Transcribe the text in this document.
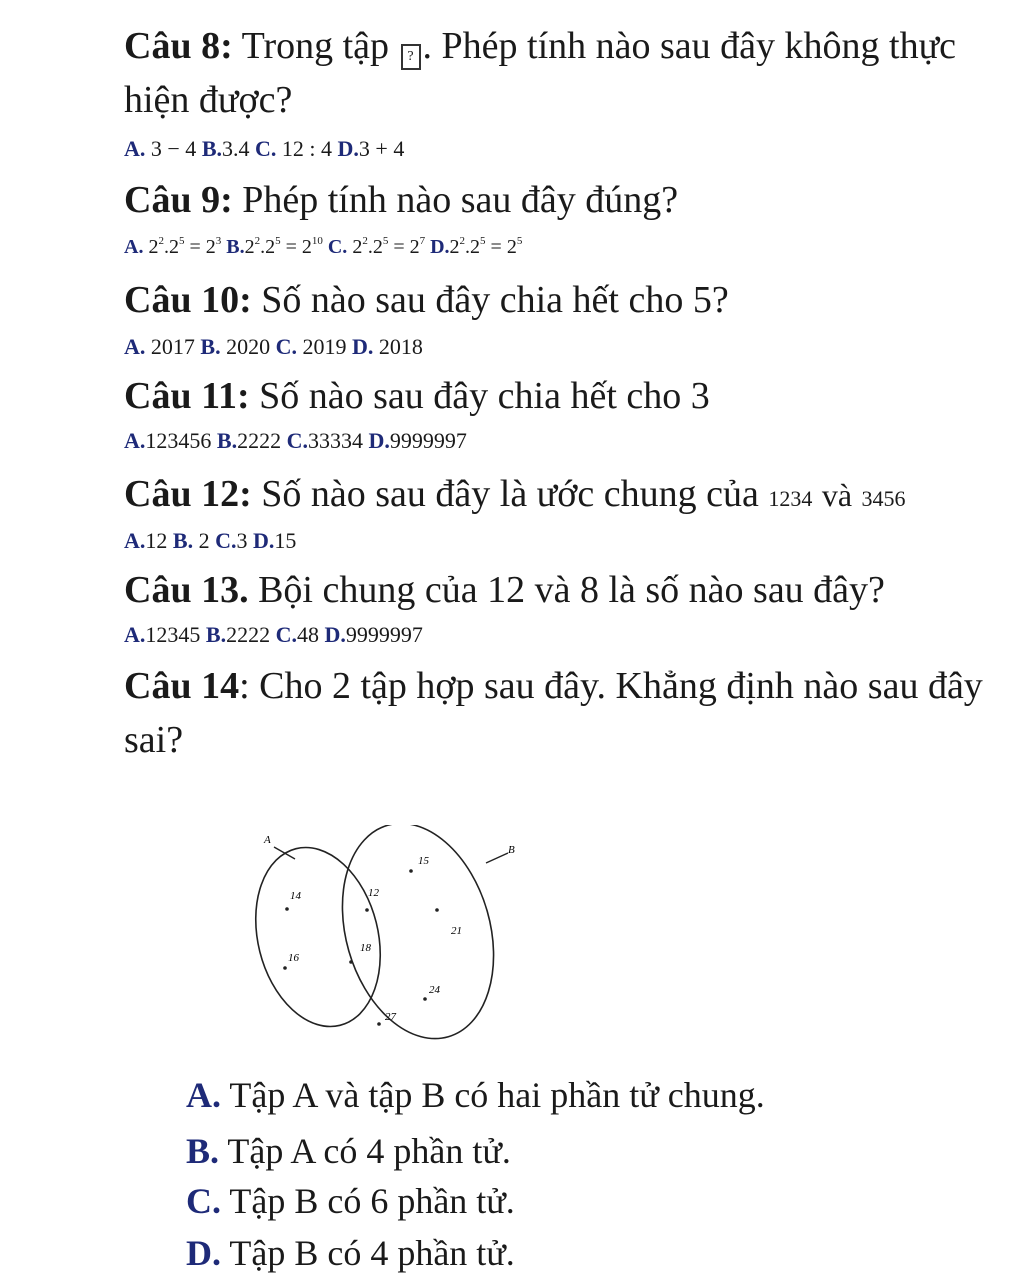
Câu 8: Trong tập ? . Phép tính nào sau đây không thực
hiện được?
A. 3 − 4 B.3.4 C. 12 : 4 D.3 + 4
Câu 9: Phép tính nào sau đây đúng?
A. $2^2.2^5 = 2^3$ $B.2^2.2^5 = 2^{10}$ C. $2^2.2^5 = 2^7$ $D.2^2.2^5 = 2^5$
Câu 10: Số nào sau đây chia hết cho 5?
A. 2017 B. 2020 C. 2019 D. 2018
Câu 11: Số nào sau đây chia hết cho 3
A.123456 B.2222 C.33334 D.9999997
Câu 12: Số nào sau đây là ước chung của 1234 và 3456
A.12 B. 2 C.3 D.15
Câu 13. Bội chung của 12 và 8 là số nào sau đây?
A.12345 B.2222 C.48 D.9999997
Câu 14: Cho 2 tập hợp sau đây. Khẳng định nào sau đây
sai?
A
B
14
16
12
18
15
21
24
27
A. Tập A và tập B có hai phần tử chung.
B. Tập A có 4 phần tử.
C. Tập B có 6 phần tử.
D. Tập B có 4 phần tử.
